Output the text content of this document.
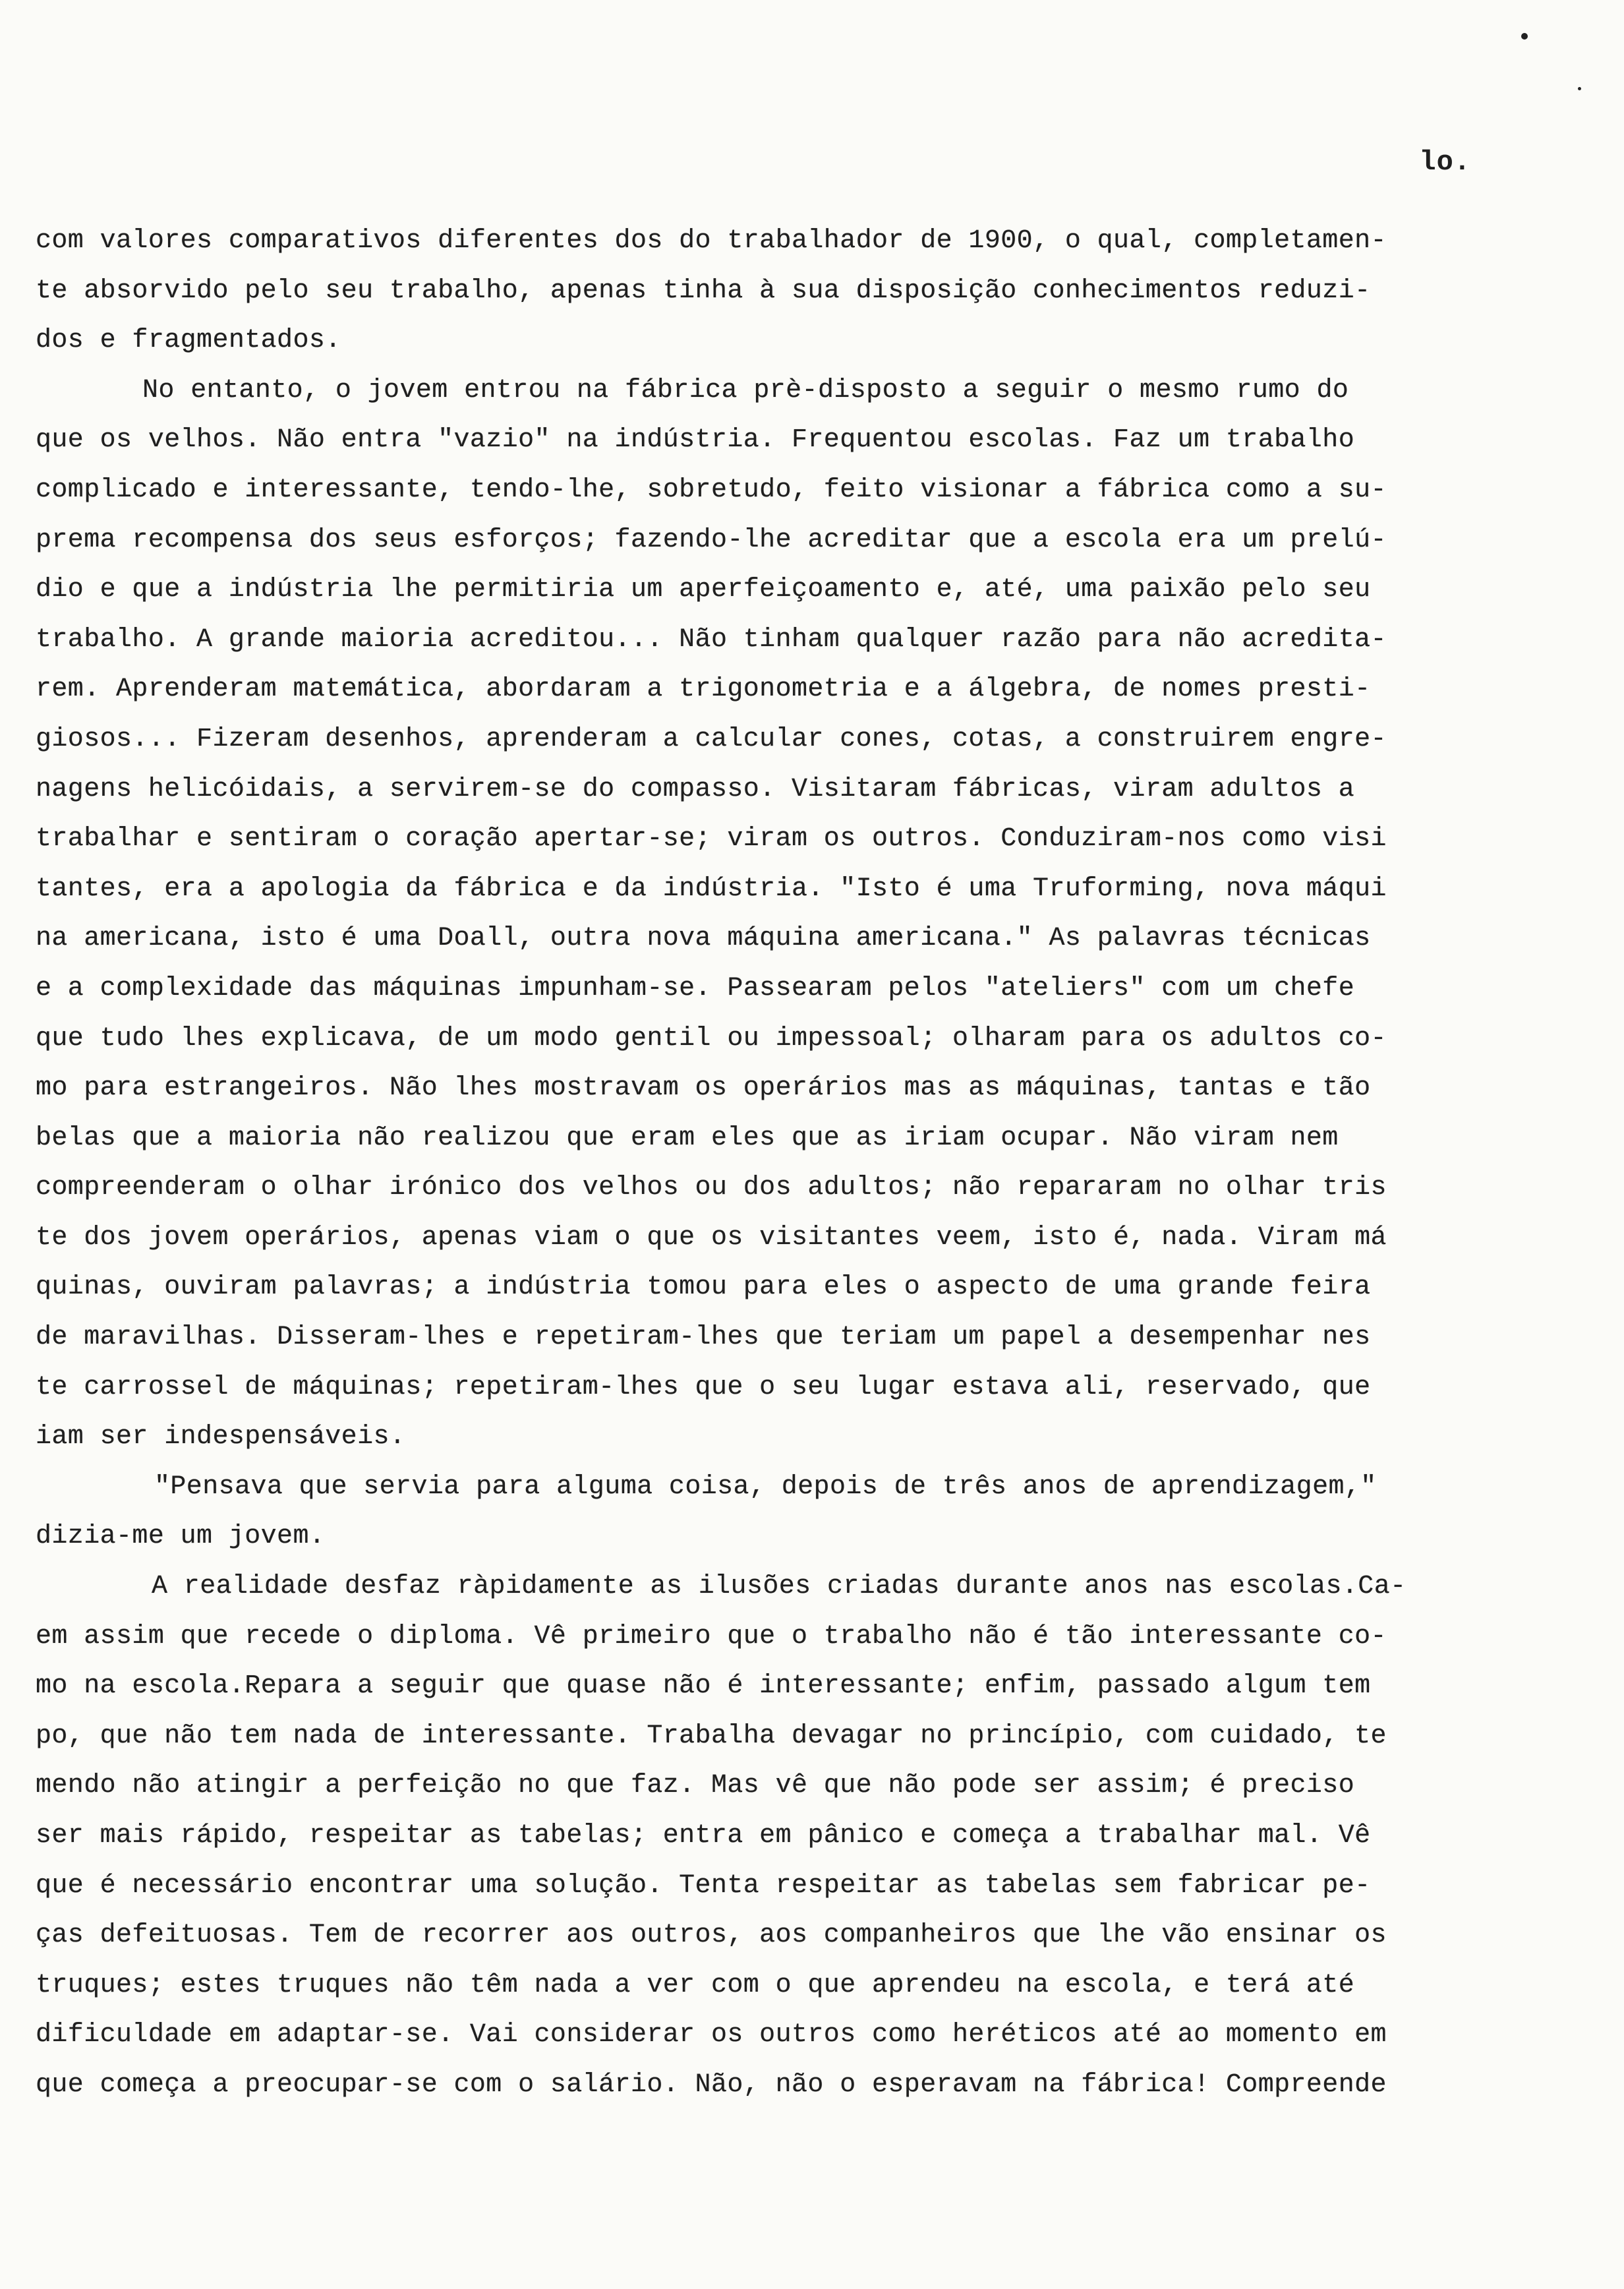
lo.
com valores comparativos diferentes dos do trabalhador de 1900, o qual, completamen-
te absorvido pelo seu trabalho, apenas tinha à sua disposição conhecimentos reduzi-
dos e fragmentados.
No entanto, o jovem entrou na fábrica prè-disposto a seguir o mesmo rumo do
que os velhos. Não entra "vazio" na indústria. Frequentou escolas. Faz um trabalho
complicado e interessante, tendo-lhe, sobretudo, feito visionar a fábrica como a su-
prema recompensa dos seus esforços; fazendo-lhe acreditar que a escola era um prelú-
dio e que a indústria lhe permitiria um aperfeiçoamento e, até, uma paixão pelo seu
trabalho. A grande maioria acreditou... Não tinham qualquer razão para não acredita-
rem. Aprenderam matemática, abordaram a trigonometria e a álgebra, de nomes presti-
giosos... Fizeram desenhos, aprenderam a calcular cones, cotas, a construirem engre-
nagens helicóidais, a servirem-se do compasso. Visitaram fábricas, viram adultos a
trabalhar e sentiram o coração apertar-se; viram os outros. Conduziram-nos como visi
tantes, era a apologia da fábrica e da indústria. "Isto é uma Truforming, nova máqui
na americana, isto é uma Doall, outra nova máquina americana." As palavras técnicas
e a complexidade das máquinas impunham-se. Passearam pelos "ateliers" com um chefe
que tudo lhes explicava, de um modo gentil ou impessoal; olharam para os adultos co-
mo para estrangeiros. Não lhes mostravam os operários mas as máquinas, tantas e tão
belas que a maioria não realizou que eram eles que as iriam ocupar. Não viram nem
compreenderam o olhar irónico dos velhos ou dos adultos; não repararam no olhar tris
te dos jovem operários, apenas viam o que os visitantes veem, isto é, nada. Viram má
quinas, ouviram palavras; a indústria tomou para eles o aspecto de uma grande feira
de maravilhas. Disseram-lhes e repetiram-lhes que teriam um papel a desempenhar nes
te carrossel de máquinas; repetiram-lhes que o seu lugar estava ali, reservado, que
iam ser indespensáveis.
"Pensava que servia para alguma coisa, depois de três anos de aprendizagem,"
dizia-me um jovem.
A realidade desfaz ràpidamente as ilusões criadas durante anos nas escolas.Ca-
em assim que recede o diploma. Vê primeiro que o trabalho não é tão interessante co-
mo na escola.Repara a seguir que quase não é interessante; enfim, passado algum tem
po, que não tem nada de interessante. Trabalha devagar no princípio, com cuidado, te
mendo não atingir a perfeição no que faz. Mas vê que não pode ser assim; é preciso
ser mais rápido, respeitar as tabelas; entra em pânico e começa a trabalhar mal. Vê
que é necessário encontrar uma solução. Tenta respeitar as tabelas sem fabricar pe-
ças defeituosas. Tem de recorrer aos outros, aos companheiros que lhe vão ensinar os
truques; estes truques não têm nada a ver com o que aprendeu na escola, e terá até
dificuldade em adaptar-se. Vai considerar os outros como heréticos até ao momento em
que começa a preocupar-se com o salário. Não, não o esperavam na fábrica! Compreende
